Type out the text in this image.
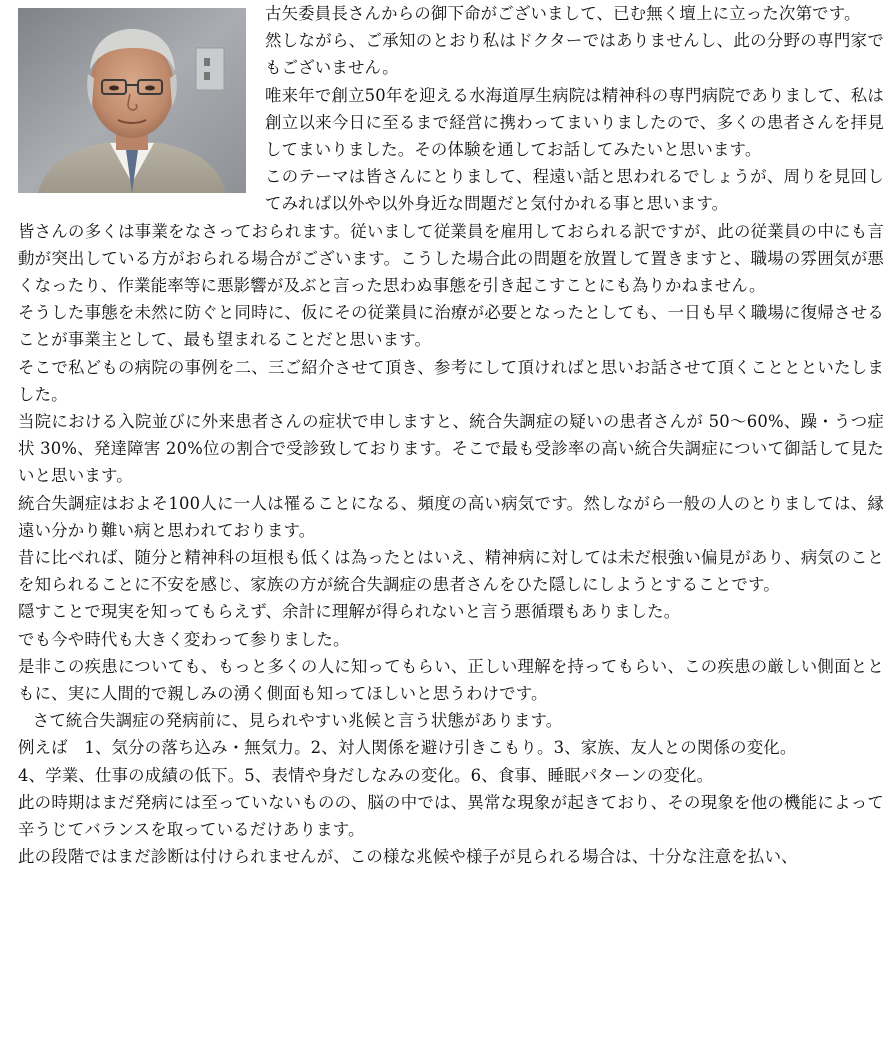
古矢委員長さんからの御下命がございまして、已む無く壇上に立った次第です。

然しながら、ご承知のとおり私はドクターではありませんし、此の分野の専門家でもございません。

唯来年で創立50年を迎える水海道厚生病院は精神科の専門病院でありまして、私は創立以来今日に至るまで経営に携わってまいりましたので、多くの患者さんを拝見してまいりました。その体験を通してお話してみたいと思います。

このテーマは皆さんにとりまして、程遠い話と思われるでしょうが、周りを見回してみれば以外や以外身近な問題だと気付かれる事と思います。

皆さんの多くは事業をなさっておられます。従いまして従業員を雇用しておられる訳ですが、此の従業員の中にも言動が突出している方がおられる場合がございます。こうした場合此の問題を放置して置きますと、職場の雰囲気が悪くなったり、作業能率等に悪影響が及ぶと言った思わぬ事態を引き起こすことにも為りかねません。

そうした事態を未然に防ぐと同時に、仮にその従業員に治療が必要となったとしても、一日も早く職場に復帰させることが事業主として、最も望まれることだと思います。

そこで私どもの病院の事例を二、三ご紹介させて頂き、参考にして頂ければと思いお話させて頂くこととといたしました。

当院における入院並びに外来患者さんの症状で申しますと、統合失調症の疑いの患者さんが 50～60%、躁・うつ症状 30%、発達障害 20%位の割合で受診致しております。そこで最も受診率の高い統合失調症について御話して見たいと思います。

統合失調症はおよそ100人に一人は罹ることになる、頻度の高い病気です。然しながら一般の人のとりましては、縁遠い分かり難い病と思われております。

昔に比べれば、随分と精神科の垣根も低くは為ったとはいえ、精神病に対しては未だ根強い偏見があり、病気のことを知られることに不安を感じ、家族の方が統合失調症の患者さんをひた隠しにしようとすることです。

隠すことで現実を知ってもらえず、余計に理解が得られないと言う悪循環もありました。

でも今や時代も大きく変わって参りました。

是非この疾患についても、もっと多くの人に知ってもらい、正しい理解を持ってもらい、この疾患の厳しい側面とともに、実に人間的で親しみの湧く側面も知ってほしいと思うわけです。

さて統合失調症の発病前に、見られやすい兆候と言う状態があります。

例えば　1、気分の落ち込み・無気力。2、対人関係を避け引きこもり。3、家族、友人との関係の変化。

4、学業、仕事の成績の低下。5、表情や身だしなみの変化。6、食事、睡眠パターンの変化。

此の時期はまだ発病には至っていないものの、脳の中では、異常な現象が起きており、その現象を他の機能によって辛うじてバランスを取っているだけあります。

此の段階ではまだ診断は付けられませんが、この様な兆候や様子が見られる場合は、十分な注意を払い、
